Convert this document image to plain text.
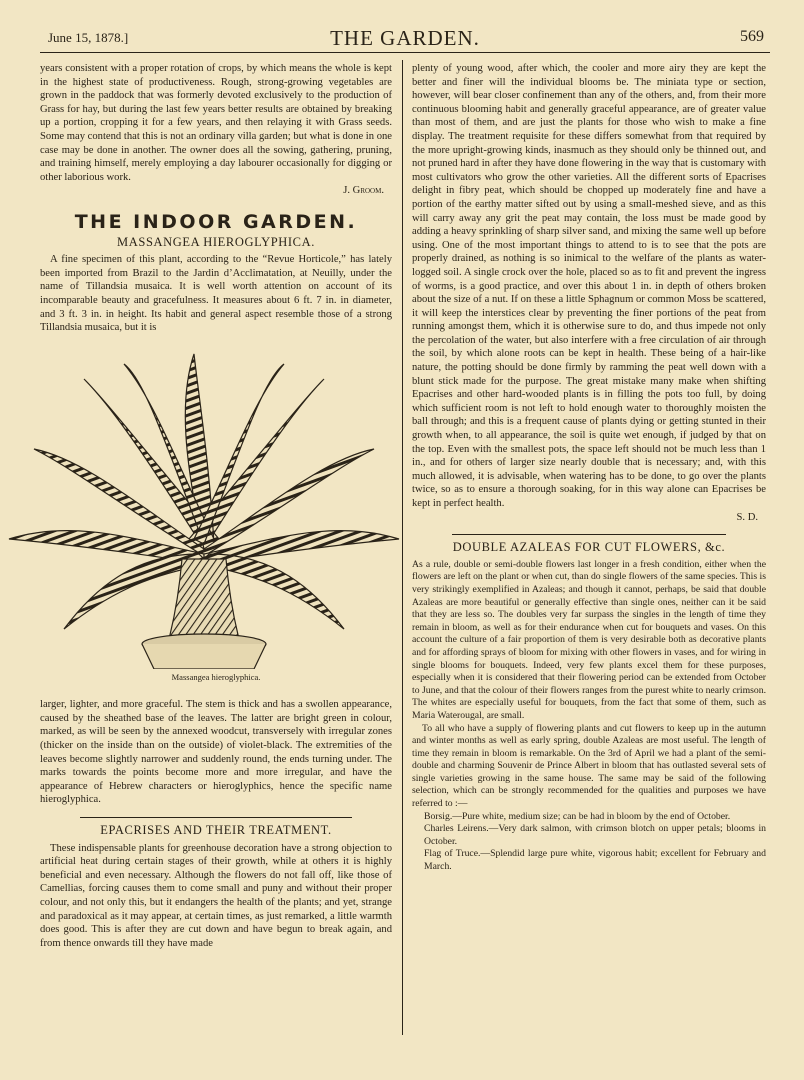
June 15, 1878.]	THE GARDEN.	569

years consistent with a proper rotation of crops, by which means the whole is kept in the highest state of productiveness. Rough, strong-growing vegetables are grown in the paddock that was formerly devoted exclusively to the production of Grass for hay, but during the last few years better results are obtained by breaking up a portion, cropping it for a few years, and then relaying it with Grass seeds. Some may contend that this is not an ordinary villa garden; but what is done in one case may be done in another. The owner does all the sowing, gathering, pruning, and training himself, merely employing a day labourer occasionally for digging or other laborious work.

J. Groom.
THE INDOOR GARDEN.
MASSANGEA HIEROGLYPHICA.

A fine specimen of this plant, according to the “Revue Horticole,” has lately been imported from Brazil to the Jardin d’Acclimatation, at Neuilly, under the name of Tillandsia musaica. It is well worth attention on account of its incomparable beauty and gracefulness. It measures about 6 ft. 7 in. in diameter, and 3 ft. 3 in. in height. Its habit and general aspect resemble those of a strong Tillandsia musaica, but it is

Massangea hieroglyphica.

larger, lighter, and more graceful. The stem is thick and has a swollen appearance, caused by the sheathed base of the leaves. The latter are bright green in colour, marked, as will be seen by the annexed woodcut, transversely with irregular zones (thicker on the inside than on the outside) of violet-black. The extremities of the leaves become slightly narrower and suddenly round, the ends turning under. The marks towards the points become more and more irregular, and have the appearance of Hebrew characters or hieroglyphics, hence the specific name hieroglyphica.

EPACRISES AND THEIR TREATMENT.

These indispensable plants for greenhouse decoration have a strong objection to artificial heat during certain stages of their growth, while at others it is highly beneficial and even necessary. Although the flowers do not fall off, like those of Camellias, forcing causes them to come small and puny and without their proper colour, and not only this, but it endangers the health of the plants; and yet, strange and paradoxical as it may appear, at certain times, as just remarked, a little warmth does good. This is after they are cut down and have begun to break again, and from thence onwards till they have made

plenty of young wood, after which, the cooler and more airy they are kept the better and finer will the individual blooms be. The miniata type or section, however, will bear closer confinement than any of the others, and, from their more continuous blooming habit and generally graceful appearance, are of greater value than most of them, and are just the plants for those who wish to make a fine display. The treatment requisite for these differs somewhat from that required by the more upright-growing kinds, inasmuch as they should only be thinned out, and not pruned hard in after they have done flowering in the way that is customary with most cultivators who grow the other varieties. All the different sorts of Epacrises delight in fibry peat, which should be chopped up moderately fine and have a portion of the earthy matter sifted out by using a small-meshed sieve, and as this will carry away any grit the peat may contain, the loss must be made good by adding a heavy sprinkling of sharp silver sand, and mixing the same well up before using. One of the most important things to attend to is to see that the pots are properly drained, as nothing is so inimical to the welfare of the plants as water-logged soil. A single crock over the hole, placed so as to fit and prevent the ingress of worms, is a good practice, and over this about 1 in. in depth of others broken about the size of a nut. If on these a little Sphagnum or common Moss be scattered, it will keep the interstices clear by preventing the finer portions of the peat from running amongst them, which it is otherwise sure to do, and thus impede not only the percolation of the water, but also interfere with a free circulation of air through the soil, by which alone roots can be kept in health. These being of a hair-like nature, the potting should be done firmly by ramming the peat well down with a blunt stick made for the purpose. The great mistake many make when shifting Epacrises and other hard-wooded plants is in filling the pots too full, by doing which sufficient room is not left to hold enough water to thoroughly moisten the ball through; and this is a frequent cause of plants dying or getting stunted in their growth when, to all appearance, the soil is quite wet enough, if judged by that on the top. Even with the smallest pots, the space left should not be much less than 1 in., and for others of larger size nearly double that is necessary; and, with this much allowed, it is advisable, when watering has to be done, to go over the plants twice, so as to ensure a thorough soaking, for in this way alone can Epacrises be kept in perfect health.

S. D.
DOUBLE AZALEAS FOR CUT FLOWERS, &c.

As a rule, double or semi-double flowers last longer in a fresh condition, either when the flowers are left on the plant or when cut, than do single flowers of the same species. This is very strikingly exemplified in Azaleas; and though it cannot, perhaps, be said that double Azaleas are more beautiful or generally effective than single ones, neither can it be said that they are less so. The doubles very far surpass the singles in the length of time they remain in bloom, as well as for their endurance when cut for bouquets and vases. On this account the culture of a fair proportion of them is very desirable both as decorative plants and for affording sprays of bloom for mixing with other flowers in vases, and for wiring in single blooms for bouquets. Indeed, very few plants excel them for these purposes, especially when it is considered that their flowering period can be extended from October to June, and that the colour of their flowers ranges from the purest white to nearly crimson. The whites are especially useful for bouquets, from the fact that some of them, such as Maria Waterougal, are small.

To all who have a supply of flowering plants and cut flowers to keep up in the autumn and winter months as well as early spring, double Azaleas are most useful. The length of time they remain in bloom is remarkable. On the 3rd of April we had a plant of the semi-double and charming Souvenir de Prince Albert in bloom that has outlasted several sets of single varieties growing in the same house. The same may be said of the following selection, which can be strongly recommended for the qualities and purposes we have referred to :—

Borsig.—Pure white, medium size; can be had in bloom by the end of October.

Charles Leirens.—Very dark salmon, with crimson blotch on upper petals; blooms in October.

Flag of Truce.—Splendid large pure white, vigorous habit; excellent for February and March.
